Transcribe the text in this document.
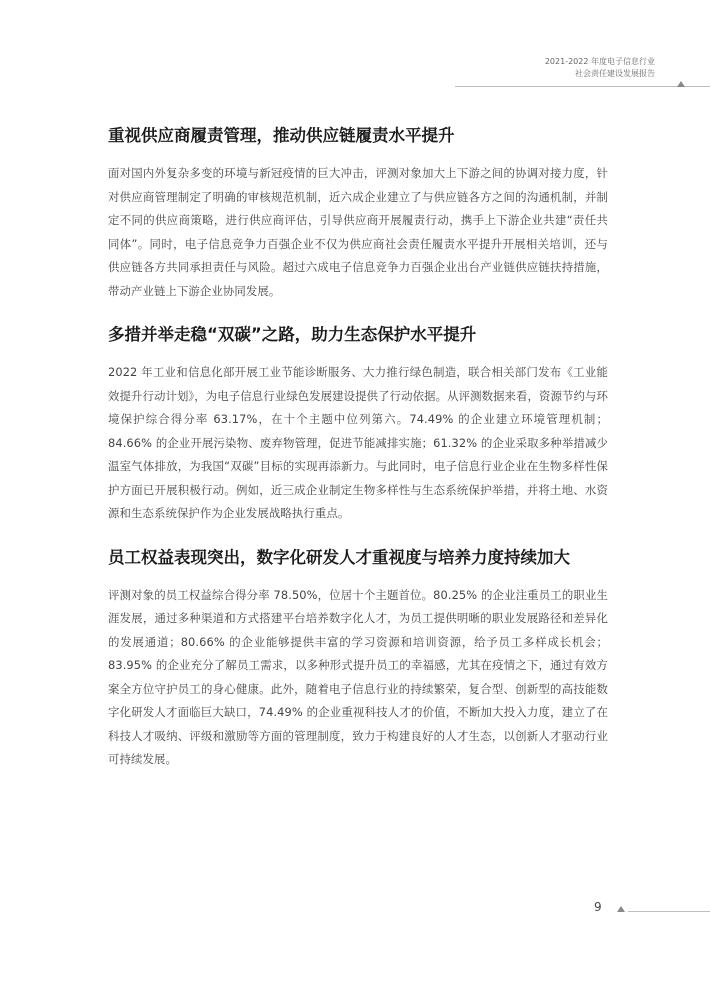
2021-2022 年度电子信息行业
社会责任建设发展报告
重视供应商履责管理，推动供应链履责水平提升

面对国内外复杂多变的环境与新冠疫情的巨大冲击，评测对象加大上下游之间的协调对接力度，针对供应商管理制定了明确的审核规范机制，近六成企业建立了与供应链各方之间的沟通机制，并制定不同的供应商策略，进行供应商评估，引导供应商开展履责行动，携手上下游企业共建“责任共同体”。同时，电子信息竞争力百强企业不仅为供应商社会责任履责水平提升开展相关培训，还与供应链各方共同承担责任与风险。超过六成电子信息竞争力百强企业出台产业链供应链扶持措施，带动产业链上下游企业协同发展。

多措并举走稳“双碳”之路，助力生态保护水平提升

2022 年工业和信息化部开展工业节能诊断服务、大力推行绿色制造，联合相关部门发布《工业能效提升行动计划》，为电子信息行业绿色发展建设提供了行动依据。从评测数据来看，资源节约与环境保护综合得分率 63.17%，在十个主题中位列第六。74.49% 的企业建立环境管理机制；84.66% 的企业开展污染物、废弃物管理，促进节能减排实施；61.32% 的企业采取多种举措减少温室气体排放，为我国“双碳”目标的实现再添新力。与此同时，电子信息行业企业在生物多样性保护方面已开展积极行动。例如，近三成企业制定生物多样性与生态系统保护举措，并将土地、水资源和生态系统保护作为企业发展战略执行重点。

员工权益表现突出，数字化研发人才重视度与培养力度持续加大

评测对象的员工权益综合得分率 78.50%，位居十个主题首位。80.25% 的企业注重员工的职业生涯发展，通过多种渠道和方式搭建平台培养数字化人才，为员工提供明晰的职业发展路径和差异化的发展通道；80.66% 的企业能够提供丰富的学习资源和培训资源，给予员工多样成长机会；83.95% 的企业充分了解员工需求，以多种形式提升员工的幸福感，尤其在疫情之下，通过有效方案全方位守护员工的身心健康。此外，随着电子信息行业的持续繁荣，复合型、创新型的高技能数字化研发人才面临巨大缺口，74.49% 的企业重视科技人才的价值，不断加大投入力度，建立了在科技人才吸纳、评级和激励等方面的管理制度，致力于构建良好的人才生态，以创新人才驱动行业可持续发展。

9
